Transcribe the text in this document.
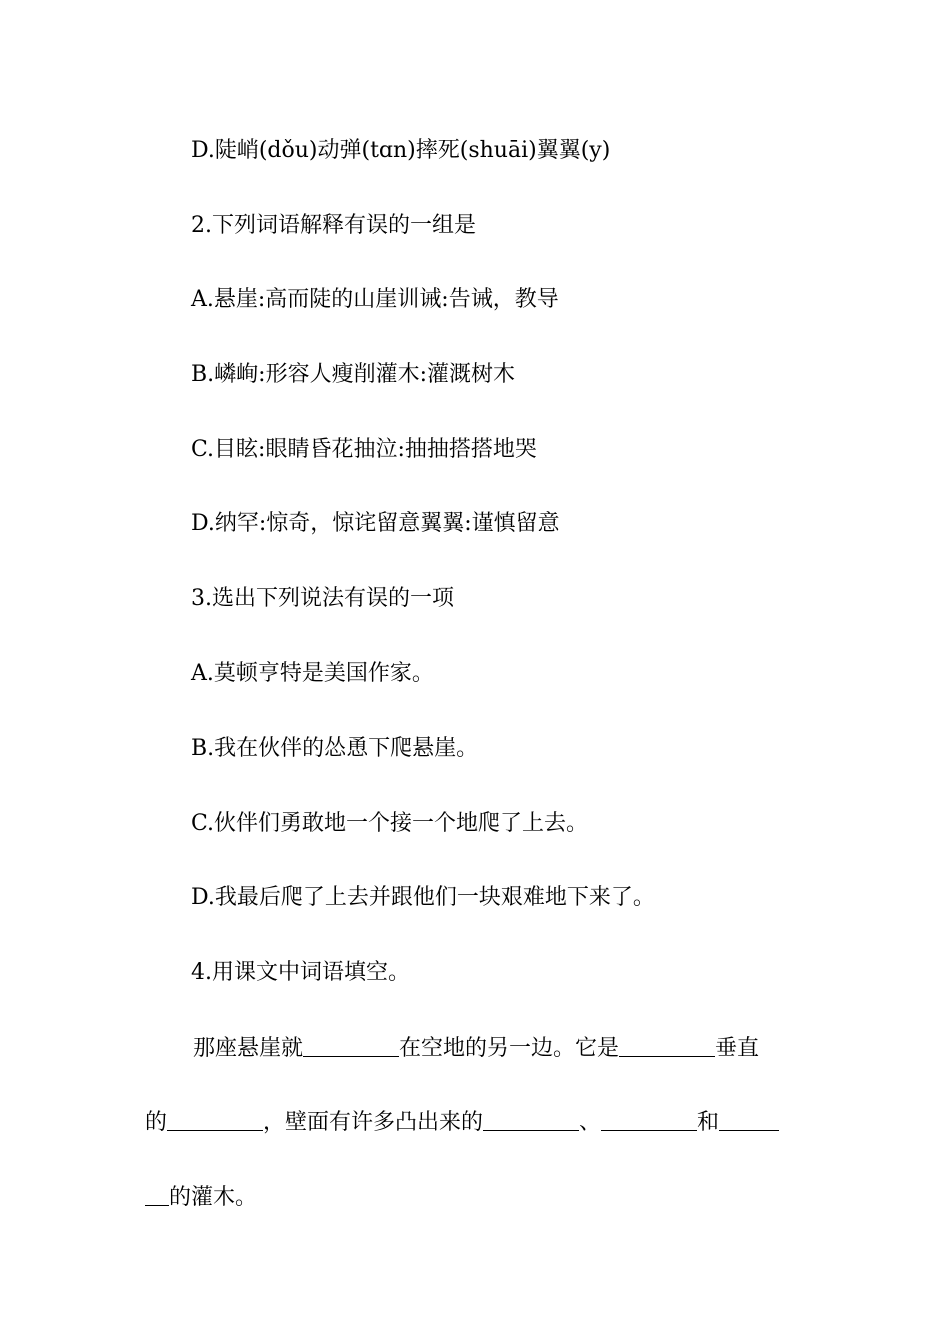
D.陡峭(dǒu)动弹(tɑn)摔死(shuāi)翼翼(y)
2.下列词语解释有误的一组是
A.悬崖:高而陡的山崖训诫:告诫，教导
B.嶙峋:形容人瘦削灌木:灌溉树木
C.目眩:眼睛昏花抽泣:抽抽搭搭地哭
D.纳罕:惊奇，惊诧留意翼翼:谨慎留意
3.选出下列说法有误的一项
A.莫顿亨特是美国作家。
B.我在伙伴的怂恿下爬悬崖。
C.伙伴们勇敢地一个接一个地爬了上去。
D.我最后爬了上去并跟他们一块艰难地下来了。
4.用课文中词语填空。
那座悬崖就	在空地的另一边。它是	垂直
的	，壁面有许多凸出来的	、	和
的灌木。
